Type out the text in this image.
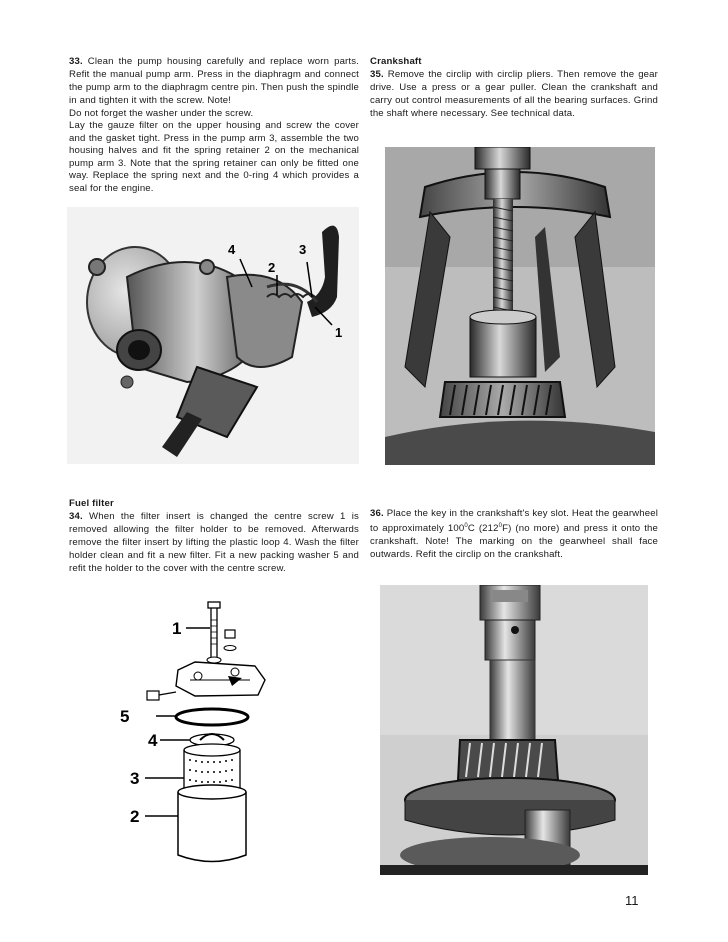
33. Clean the pump housing carefully and replace worn parts. Refit the manual pump arm. Press in the diaphragm and connect the pump arm to the diaphragm centre pin. Then push the spindle in and tighten it with the screw. Note!

Do not forget the washer under the screw.

Lay the gauze filter on the upper housing and screw the cover and the gasket tight. Press in the pump arm 3, assemble the two housing halves and fit the spring retainer 2 on the mechanical pump arm 3. Note that the spring retainer can only be fitted one way. Replace the spring next and the 0-ring 4 which provides a seal for the engine.

4
2
3
1
Fuel filter

34. When the filter insert is changed the centre screw 1 is removed allowing the filter holder to be removed. Afterwards remove the filter insert by lifting the plastic loop 4. Wash the filter holder clean and fit a new filter. Fit a new packing washer 5 and refit the holder to the cover with the centre screw.

1
5
4
3
2
Crankshaft

35. Remove the circlip with circlip pliers. Then remove the gear drive. Use a press or a gear puller. Clean the crankshaft and carry out control measurements of all the bearing surfaces. Grind the shaft where necessary. See technical data.

36. Place the key in the crankshaft's key slot. Heat the gearwheel to approximately $100^0C$ $(212^0F)$ (no more) and press it onto the crankshaft. Note! The marking on the gearwheel shall face outwards. Refit the circlip on the crankshaft.

11
